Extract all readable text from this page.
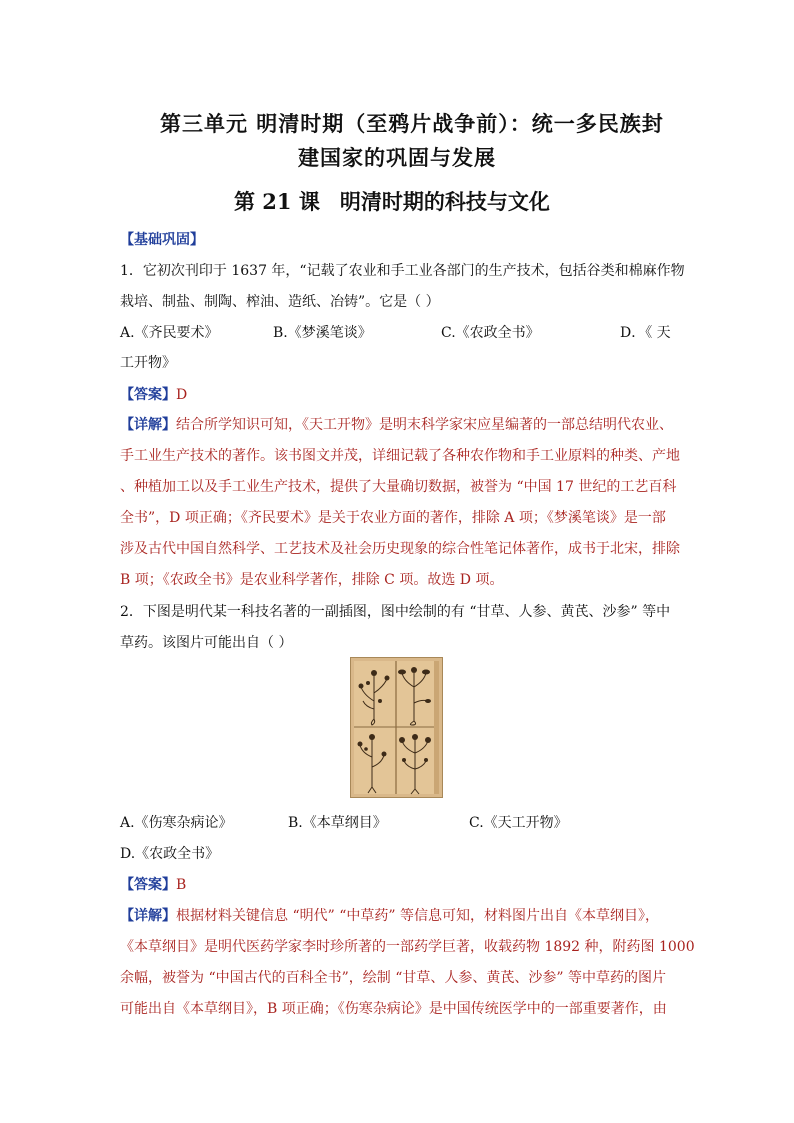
第三单元 明清时期（至鸦片战争前）：统一多民族封
建国家的巩固与发展
第 21 课 明清时期的科技与文化
【基础巩固】
1．它初次刊印于 1637 年，“记载了农业和手工业各部门的生产技术，包括谷类和棉麻作物
栽培、制盐、制陶、榨油、造纸、冶铸”。它是（ ）
A.《齐民要术》	B.《梦溪笔谈》	C.《农政全书》	D．《 天
工开物》
【答案】D
【详解】结合所学知识可知，《天工开物》是明末科学家宋应星编著的一部总结明代农业、
手工业生产技术的著作。该书图文并茂，详细记载了各种农作物和手工业原料的种类、产地
、种植加工以及手工业生产技术，提供了大量确切数据，被誉为 “中国 17 世纪的工艺百科
全书”，D 项正确；《齐民要术》是关于农业方面的著作，排除 A 项；《梦溪笔谈》是一部
涉及古代中国自然科学、工艺技术及社会历史现象的综合性笔记体著作，成书于北宋，排除
B 项；《农政全书》是农业科学著作，排除 C 项。故选 D 项。
2．下图是明代某一科技名著的一副插图，图中绘制的有 “甘草、人参、黄芪、沙参” 等中
草药。该图片可能出自（ ）
A.《伤寒杂病论》	B.《本草纲目》	C.《天工开物》
D.《农政全书》
【答案】B
【详解】根据材料关键信息 “明代” “中草药” 等信息可知，材料图片出自《本草纲目》，
《本草纲目》是明代医药学家李时珍所著的一部药学巨著，收载药物 1892 种，附药图 1000
余幅，被誉为 “中国古代的百科全书”，绘制 “甘草、人参、黄芪、沙参” 等中草药的图片
可能出自《本草纲目》，B 项正确；《伤寒杂病论》是中国传统医学中的一部重要著作，由
